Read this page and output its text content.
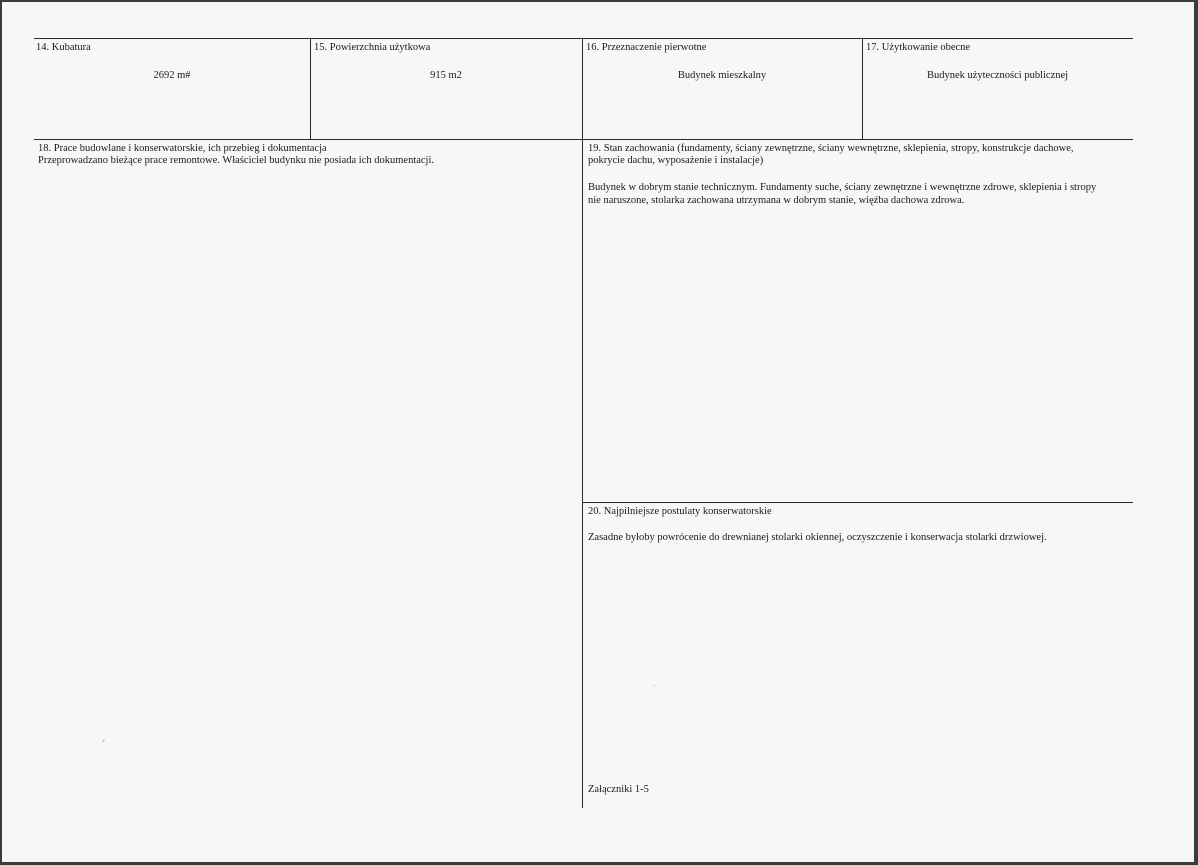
14. Kubatura
2692 m#
15. Powierzchnia użytkowa
915 m2
16. Przeznaczenie pierwotne
Budynek mieszkalny
17. Użytkowanie obecne
Budynek użyteczności publicznej
18. Prace budowlane i konserwatorskie, ich przebieg i dokumentacja
Przeprowadzano bieżące prace remontowe. Właściciel budynku nie posiada ich dokumentacji.
19. Stan zachowania (fundamenty, ściany zewnętrzne, ściany wewnętrzne, sklepienia, stropy, konstrukcje dachowe,
pokrycie dachu, wyposażenie i instalacje)
Budynek w dobrym stanie technicznym. Fundamenty suche, ściany zewnętrzne i wewnętrzne zdrowe, sklepienia i stropy
nie naruszone, stolarka zachowana utrzymana w dobrym stanie, więźba dachowa zdrowa.
20. Najpilniejsze postulaty konserwatorskie
Zasadne byłoby powrócenie do drewnianej stolarki okiennej, oczyszczenie i konserwacja stolarki drzwiowej.
Załączniki 1-5
•
·
⁻
